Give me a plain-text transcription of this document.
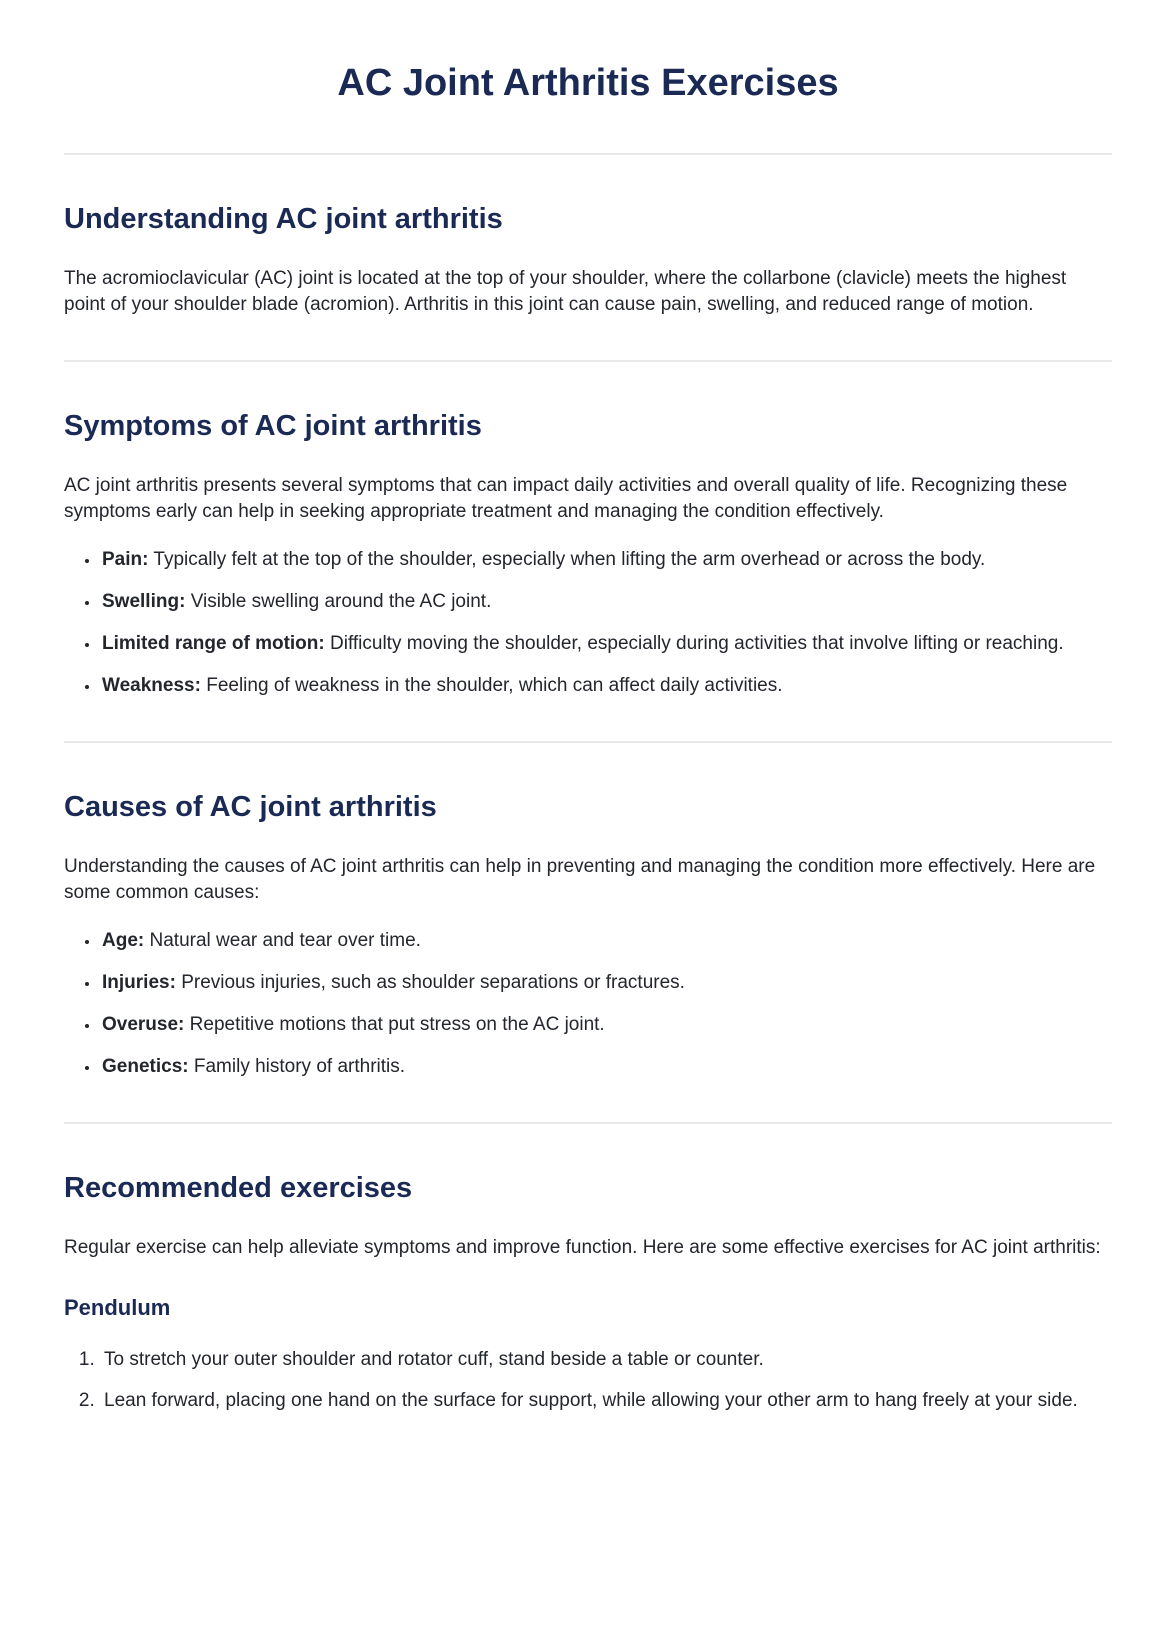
AC Joint Arthritis Exercises
Understanding AC joint arthritis

The acromioclavicular (AC) joint is located at the top of your shoulder, where the collarbone (clavicle) meets the highest point of your shoulder blade (acromion). Arthritis in this joint can cause pain, swelling, and reduced range of motion.

Symptoms of AC joint arthritis

AC joint arthritis presents several symptoms that can impact daily activities and overall quality of life. Recognizing these symptoms early can help in seeking appropriate treatment and managing the condition effectively.

• Pain: Typically felt at the top of the shoulder, especially when lifting the arm overhead or across the body.
• Swelling: Visible swelling around the AC joint.
• Limited range of motion: Difficulty moving the shoulder, especially during activities that involve lifting or reaching.
• Weakness: Feeling of weakness in the shoulder, which can affect daily activities.
Causes of AC joint arthritis

Understanding the causes of AC joint arthritis can help in preventing and managing the condition more effectively. Here are some common causes:

• Age: Natural wear and tear over time.
• Injuries: Previous injuries, such as shoulder separations or fractures.
• Overuse: Repetitive motions that put stress on the AC joint.
• Genetics: Family history of arthritis.
Recommended exercises

Regular exercise can help alleviate symptoms and improve function. Here are some effective exercises for AC joint arthritis:

Pendulum
1. To stretch your outer shoulder and rotator cuff, stand beside a table or counter.
2. Lean forward, placing one hand on the surface for support, while allowing your other arm to hang freely at your side.
